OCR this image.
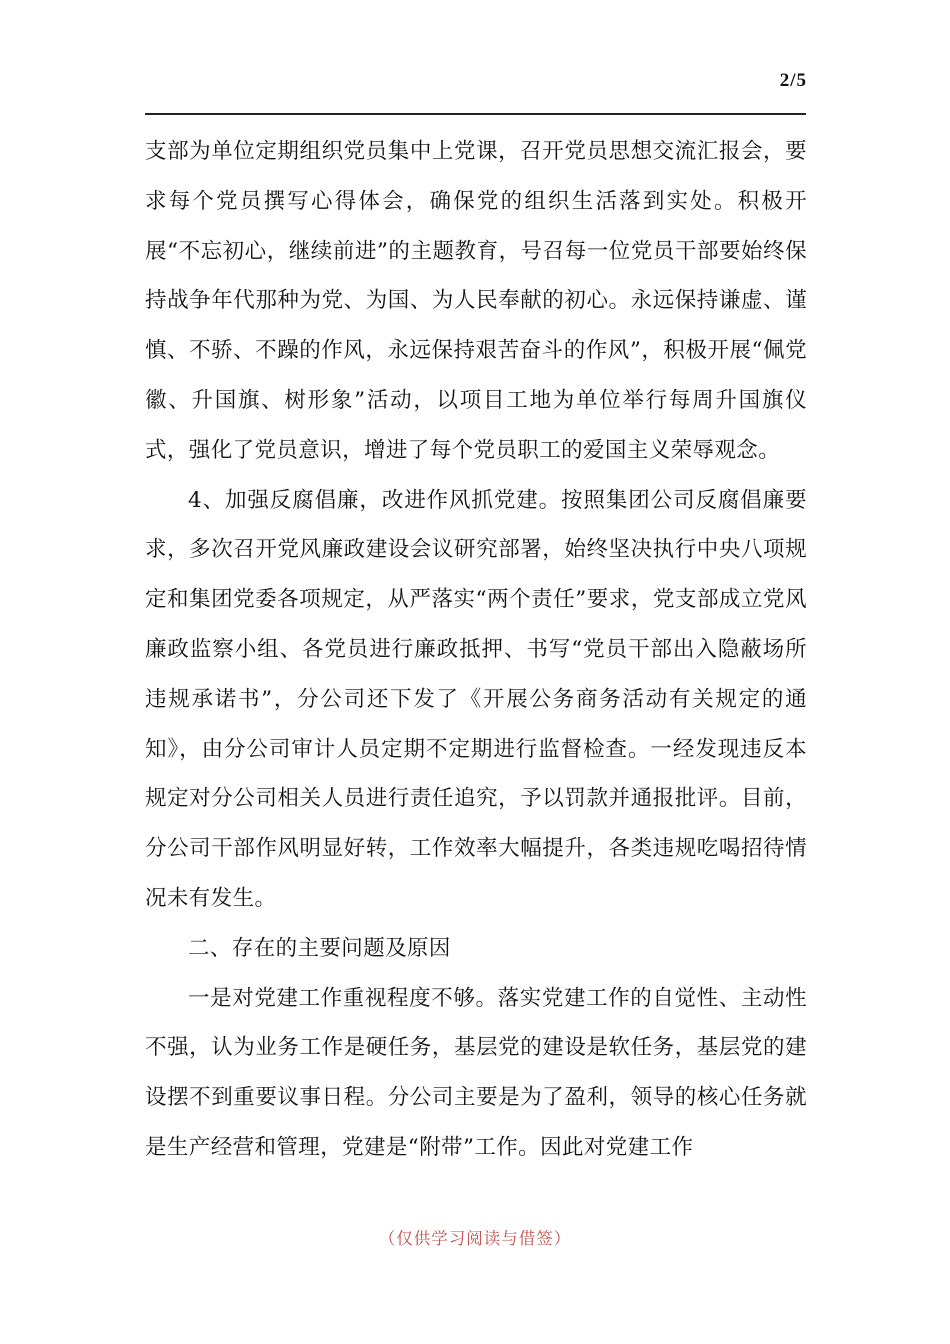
2/5

支部为单位定期组织党员集中上党课，召开党员思想交流汇报会，要求每个党员撰写心得体会，确保党的组织生活落到实处。积极开展“不忘初心，继续前进”的主题教育，号召每一位党员干部要始终保持战争年代那种为党、为国、为人民奉献的初心。永远保持谦虚、谨慎、不骄、不躁的作风，永远保持艰苦奋斗的作风”，积极开展“佩党徽、升国旗、树形象”活动，以项目工地为单位举行每周升国旗仪式，强化了党员意识，增进了每个党员职工的爱国主义荣辱观念。

4、加强反腐倡廉，改进作风抓党建。按照集团公司反腐倡廉要求，多次召开党风廉政建设会议研究部署，始终坚决执行中央八项规定和集团党委各项规定，从严落实“两个责任”要求，党支部成立党风廉政监察小组、各党员进行廉政抵押、书写“党员干部出入隐蔽场所违规承诺书”，分公司还下发了《开展公务商务活动有关规定的通知》，由分公司审计人员定期不定期进行监督检查。一经发现违反本规定对分公司相关人员进行责任追究，予以罚款并通报批评。目前，分公司干部作风明显好转，工作效率大幅提升，各类违规吃喝招待情况未有发生。

二、存在的主要问题及原因

一是对党建工作重视程度不够。落实党建工作的自觉性、主动性不强，认为业务工作是硬任务，基层党的建设是软任务，基层党的建设摆不到重要议事日程。分公司主要是为了盈利，领导的核心任务就是生产经营和管理，党建是“附带”工作。因此对党建工作

（仅供学习阅读与借签）
